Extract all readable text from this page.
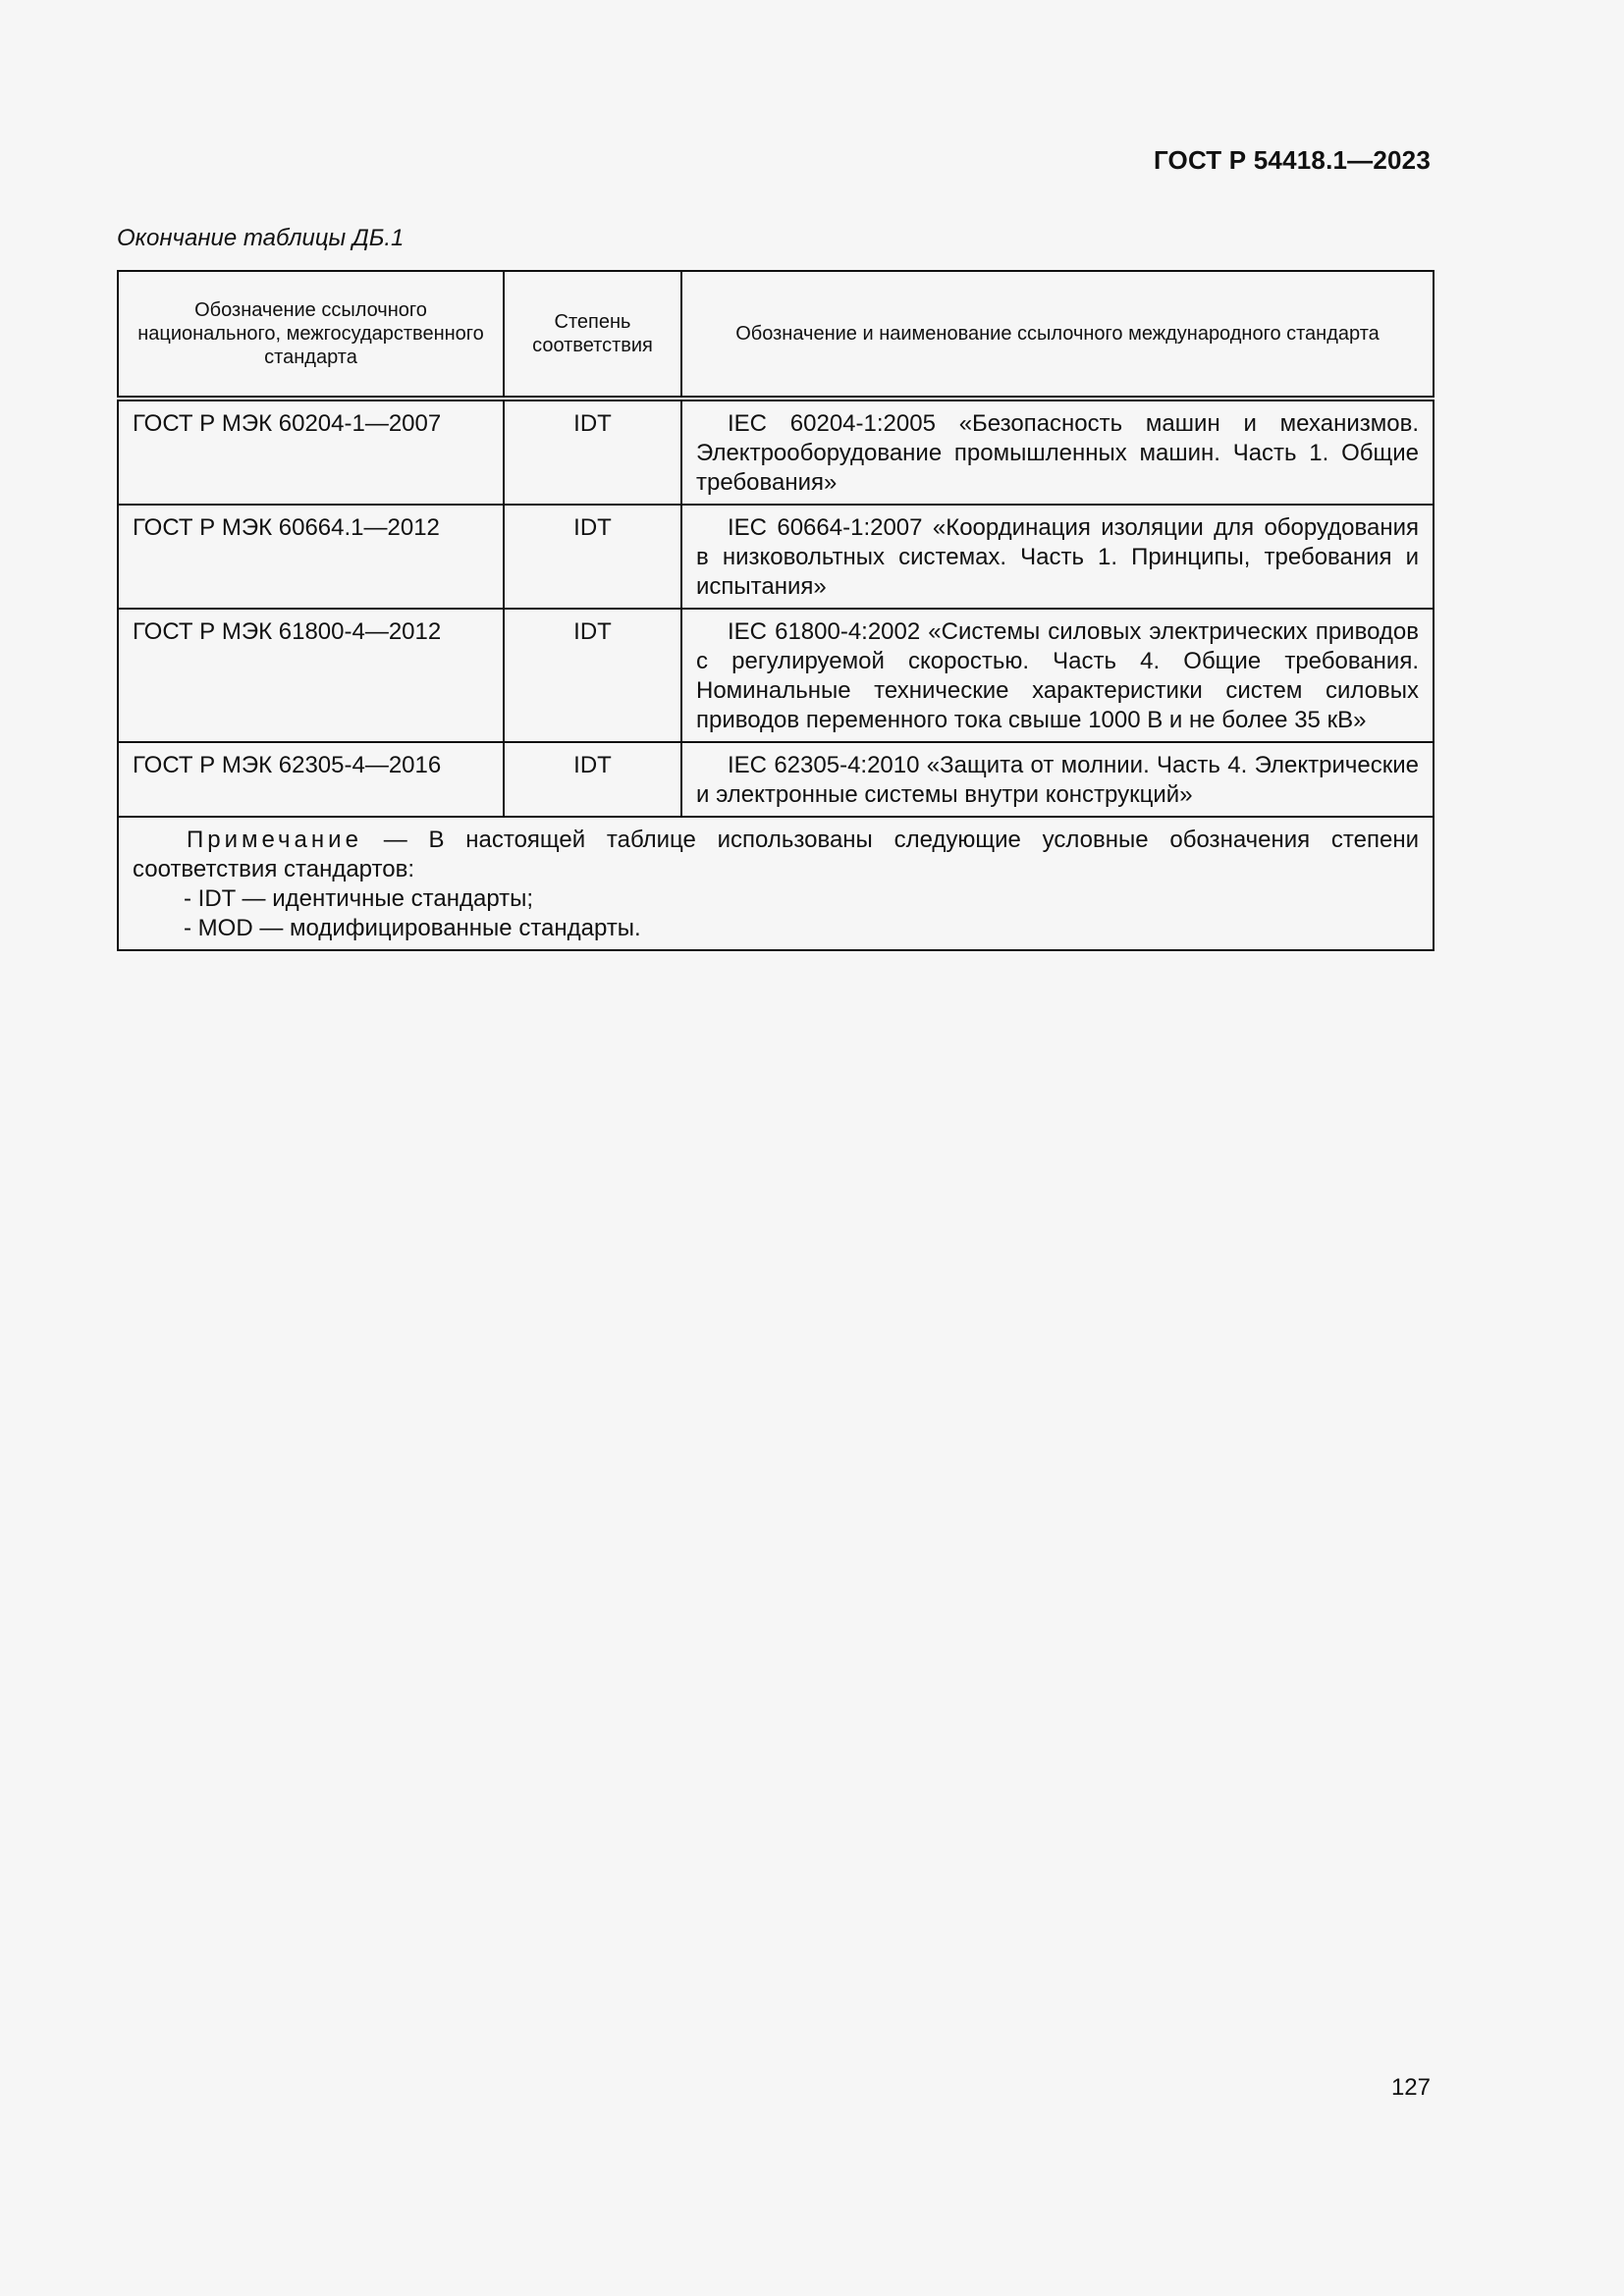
ГОСТ Р 54418.1—2023
Окончание таблицы ДБ.1
Обозначение ссылочного национального, межгосударственного стандарта	Степень соответствия	Обозначение и наименование ссылочного международного стандарта
ГОСТ Р МЭК 60204-1—2007	IDT	IEC 60204-1:2005 «Безопасность машин и механизмов. Электрооборудование промышленных машин. Часть 1. Общие требования»
ГОСТ Р МЭК 60664.1—2012	IDT	IEC 60664-1:2007 «Координация изоляции для оборудования в низковольтных системах. Часть 1. Принципы, требования и испытания»
ГОСТ Р МЭК 61800-4—2012	IDT	IEC 61800-4:2002 «Системы силовых электрических приводов с регулируемой скоростью. Часть 4. Общие требования. Номинальные технические характеристики систем силовых приводов переменного тока свыше 1000 В и не более 35 кВ»
ГОСТ Р МЭК 62305-4—2016	IDT	IEC 62305-4:2010 «Защита от молнии. Часть 4. Электрические и электронные системы внутри конструкций»

Примечание — В настоящей таблице использованы следующие условные обозначения степени соответствия стандартов:

- IDT — идентичные стандарты;

- MOD — модифицированные стандарты.		

127
